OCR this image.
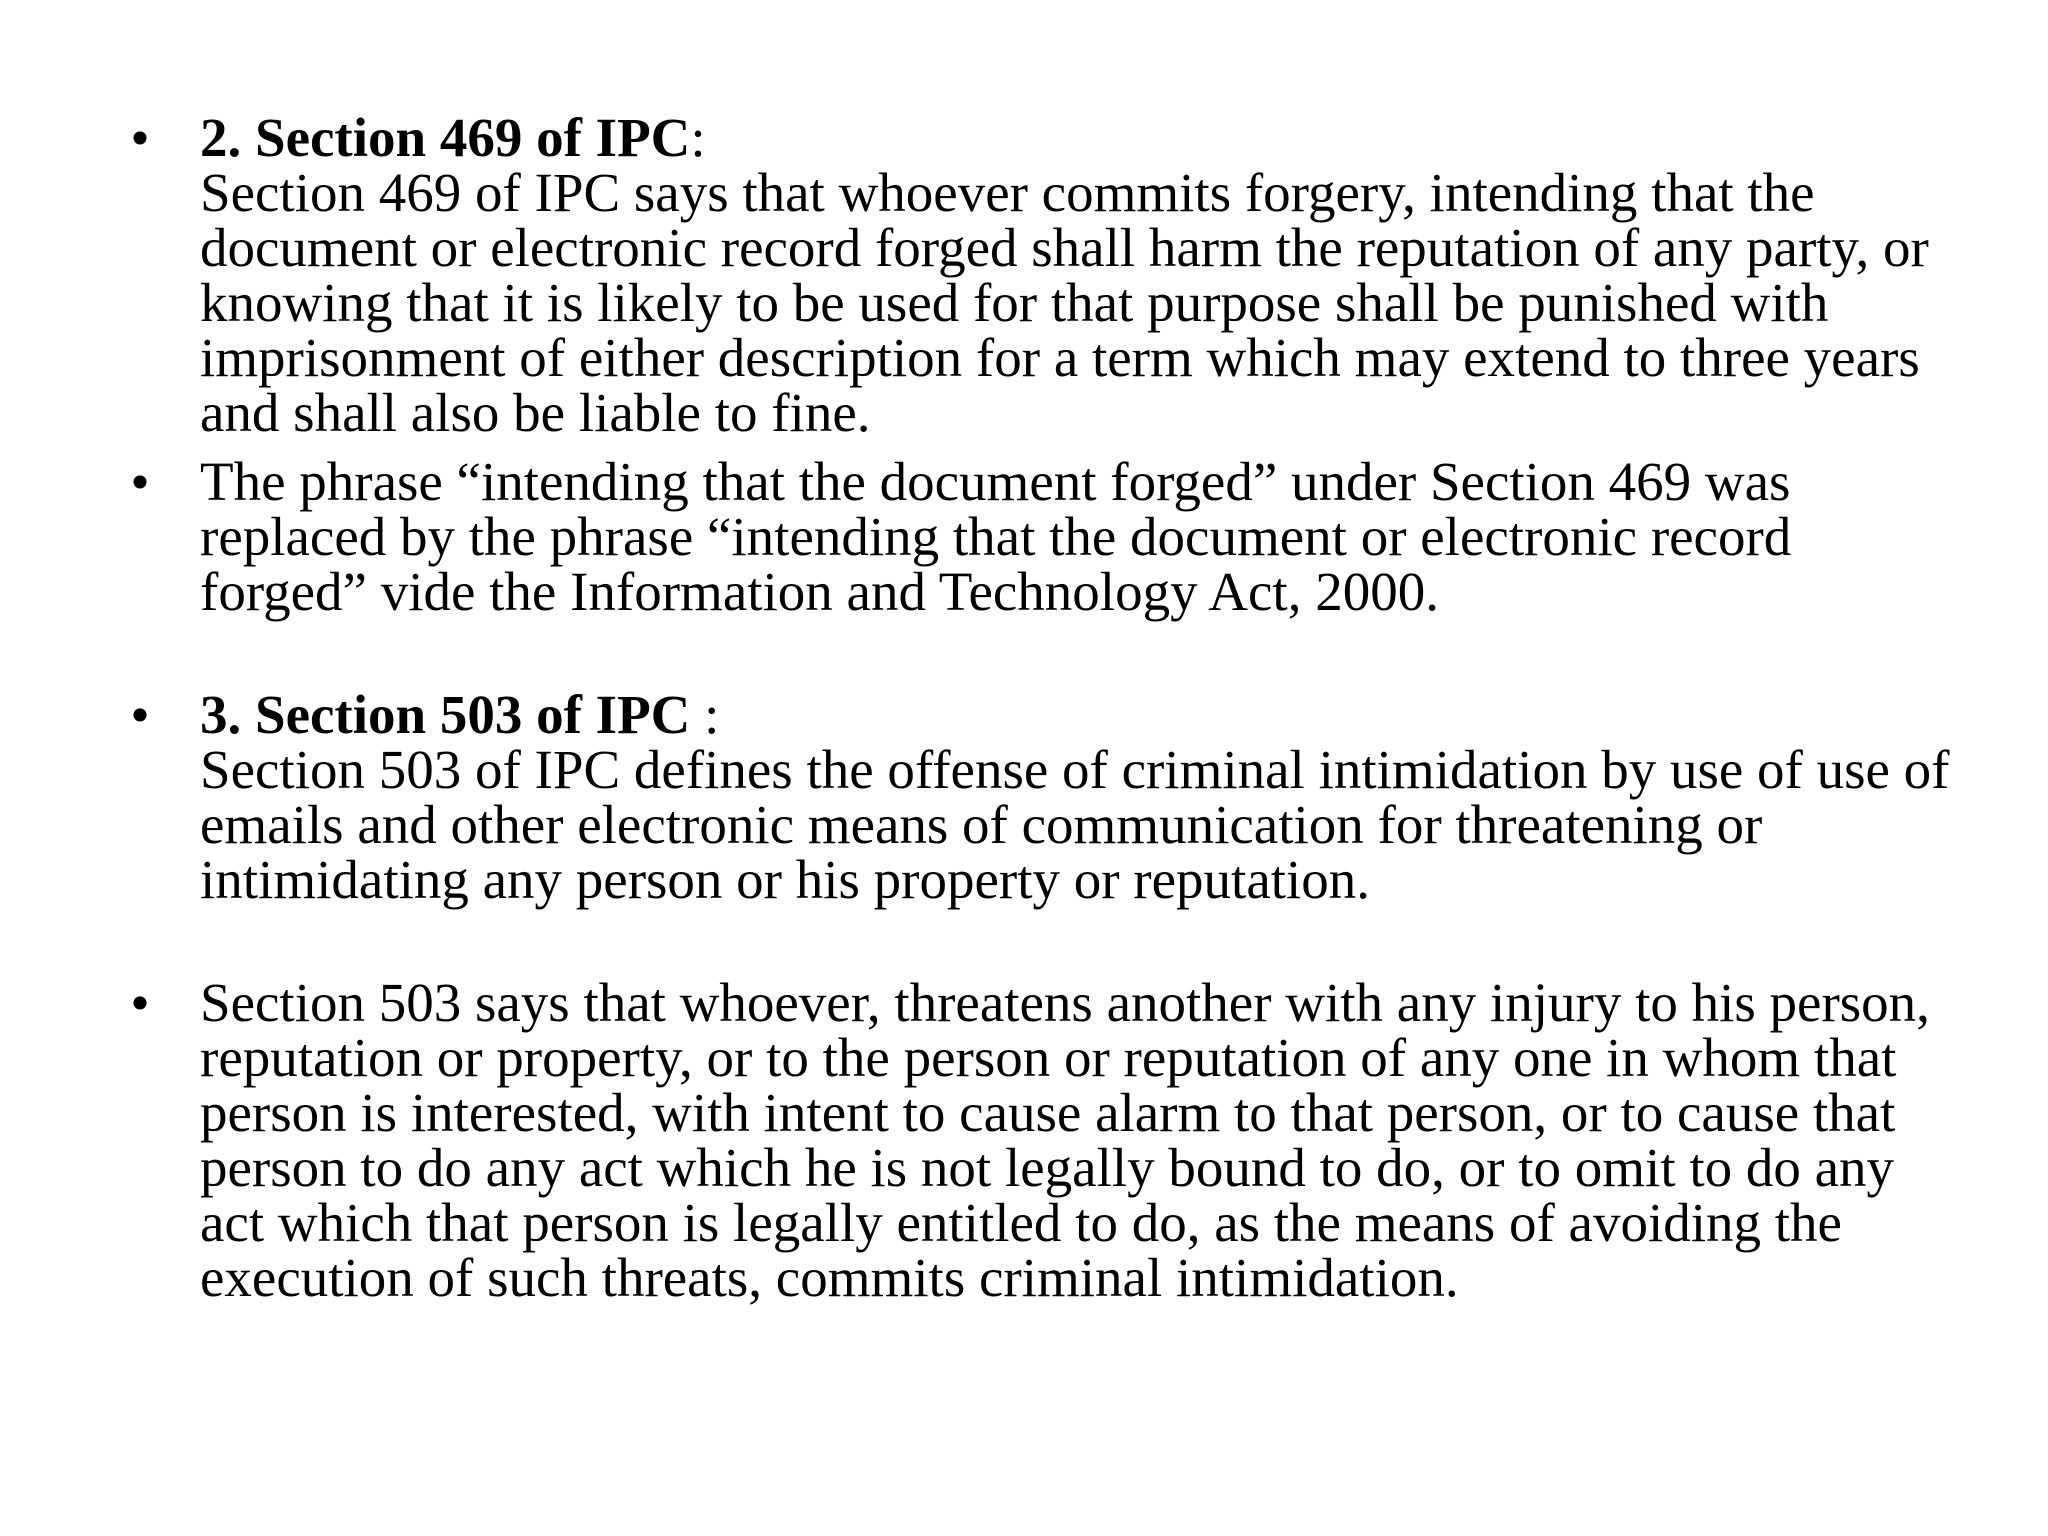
• 2. Section 469 of IPC:
Section 469 of IPC says that whoever commits forgery, intending that the document or electronic record forged shall harm the reputation of any party, or knowing that it is likely to be used for that purpose shall be punished with imprisonment of either description for a term which may extend to three years and shall also be liable to fine.
• The phrase “intending that the document forged” under Section 469 was replaced by the phrase “intending that the document or electronic record forged” vide the Information and Technology Act, 2000.
• 3. Section 503 of IPC :
Section 503 of IPC defines the offense of criminal intimidation by use of use of emails and other electronic means of communication for threatening or intimidating any person or his property or reputation.
• Section 503 says that whoever, threatens another with any injury to his person, reputation or property, or to the person or reputation of any one in whom that person is interested, with intent to cause alarm to that person, or to cause that person to do any act which he is not legally bound to do, or to omit to do any act which that person is legally entitled to do, as the means of avoiding the execution of such threats, commits criminal intimidation.
